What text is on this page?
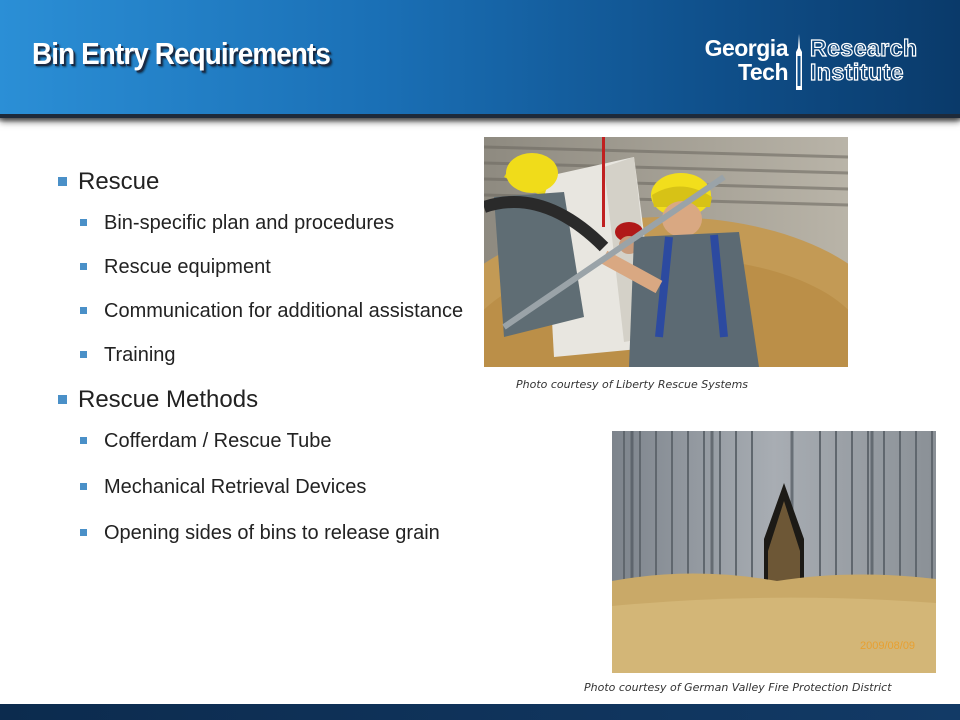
Bin Entry Requirements	Georgia
Tech
Research
Institute
Rescue
Bin-specific plan and procedures
Rescue equipment
Communication for additional assistance
Training
Rescue Methods
Cofferdam / Rescue Tube
Mechanical Retrieval Devices
Opening sides of bins to release grain
Photo courtesy of Liberty Rescue Systems
2009/08/09
Photo courtesy of German Valley Fire Protection District
